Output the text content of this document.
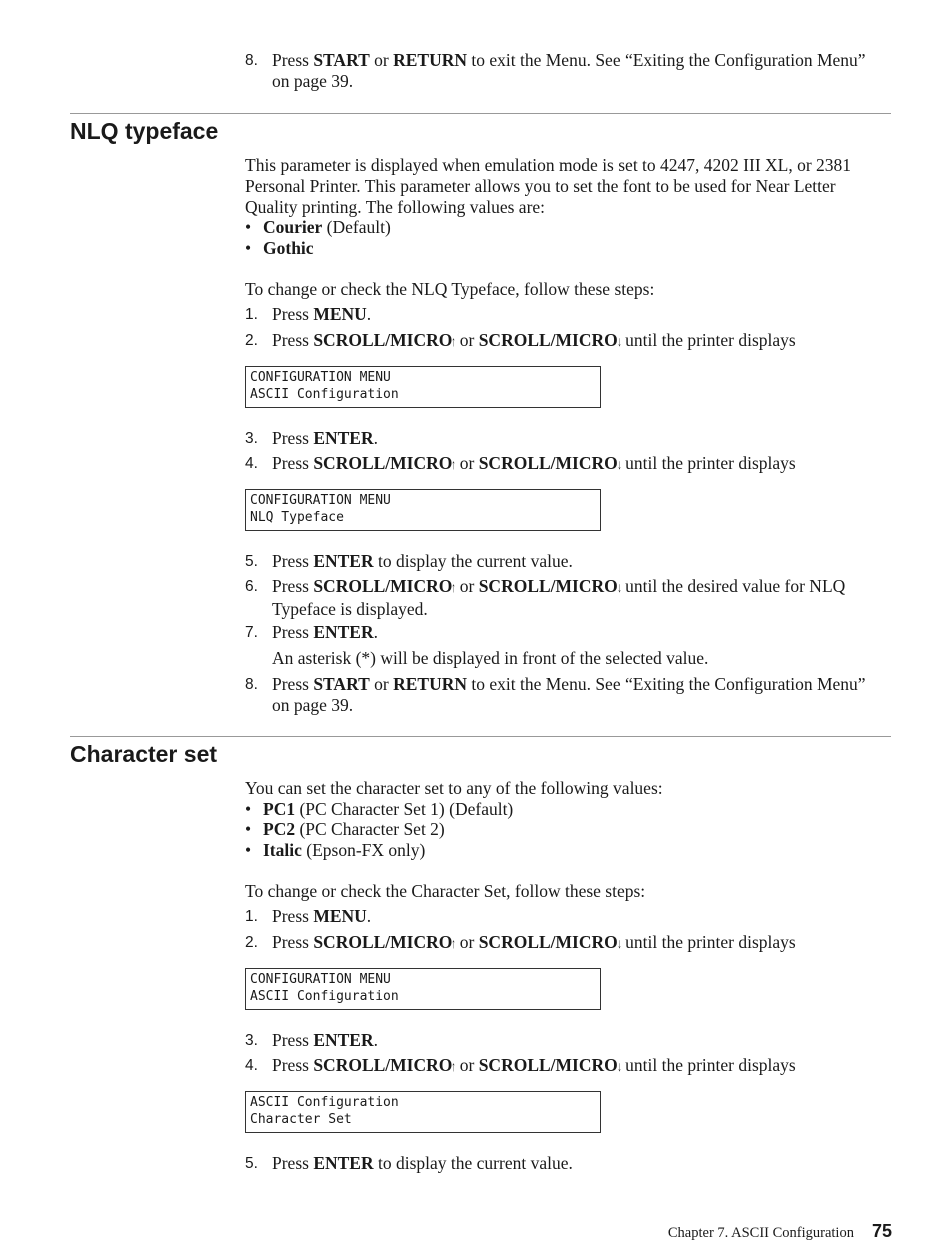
8. Press START or RETURN to exit the Menu. See “Exiting the Configuration Menu” on page 39.
NLQ typeface

This parameter is displayed when emulation mode is set to 4247, 4202 III XL, or 2381 Personal Printer. This parameter allows you to set the font to be used for Near Letter Quality printing. The following values are:

• Courier (Default)
• Gothic

To change or check the NLQ Typeface, follow these steps:

1. Press MENU.
2. Press SCROLL/MICRO↑ or SCROLL/MICRO↓ until the printer displays
CONFIGURATION MENU
ASCII Configuration
3. Press ENTER.
4. Press SCROLL/MICRO↑ or SCROLL/MICRO↓ until the printer displays
CONFIGURATION MENU
NLQ Typeface
5. Press ENTER to display the current value.
6. Press SCROLL/MICRO↑ or SCROLL/MICRO↓ until the desired value for NLQ Typeface is displayed.
7. Press ENTER.
An asterisk (*) will be displayed in front of the selected value.
8. Press START or RETURN to exit the Menu. See “Exiting the Configuration Menu” on page 39.
Character set

You can set the character set to any of the following values:

• PC1 (PC Character Set 1) (Default)
• PC2 (PC Character Set 2)
• Italic (Epson-FX only)

To change or check the Character Set, follow these steps:

1. Press MENU.
2. Press SCROLL/MICRO↑ or SCROLL/MICRO↓ until the printer displays
CONFIGURATION MENU
ASCII Configuration
3. Press ENTER.
4. Press SCROLL/MICRO↑ or SCROLL/MICRO↓ until the printer displays
ASCII Configuration
Character Set
5. Press ENTER to display the current value.
Chapter 7. ASCII Configuration 75
